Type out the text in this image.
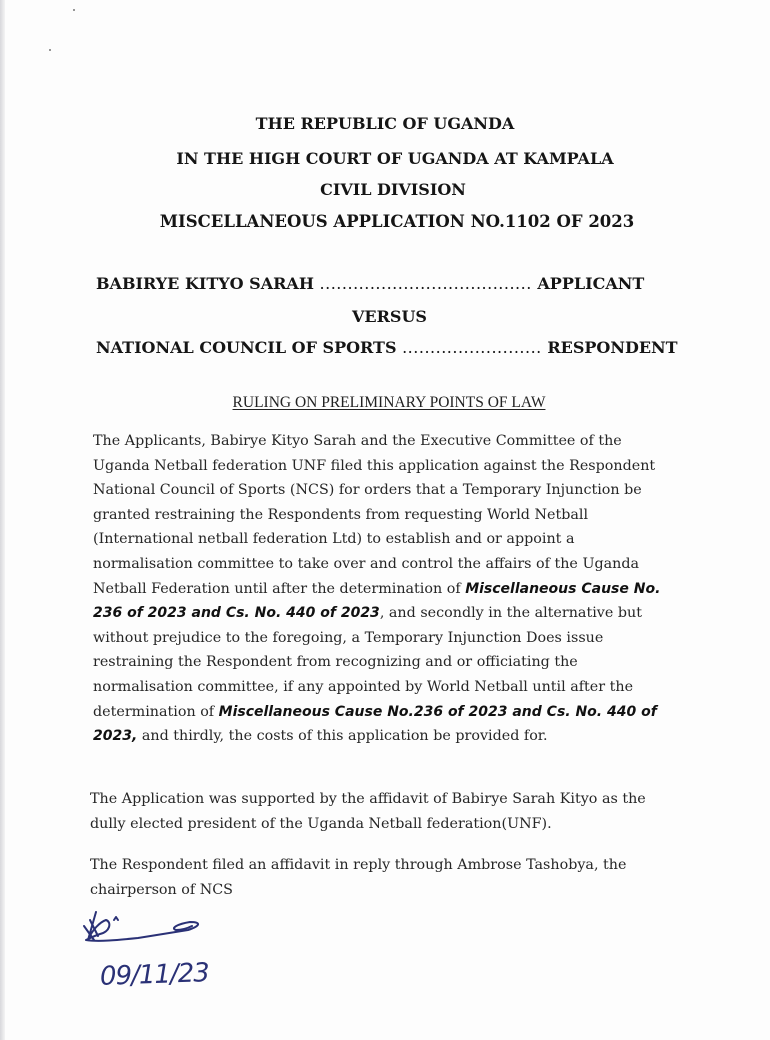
THE REPUBLIC OF UGANDA
IN THE HIGH COURT OF UGANDA AT KAMPALA
CIVIL DIVISION
MISCELLANEOUS APPLICATION NO.1102 OF 2023
BABIRYE KITYO SARAH ...................................... APPLICANT
VERSUS
NATIONAL COUNCIL OF SPORTS ......................... RESPONDENT
RULING ON PRELIMINARY POINTS OF LAW
The Applicants, Babirye Kityo Sarah and the Executive Committee of the
Uganda Netball federation UNF filed this application against the Respondent
National Council of Sports (NCS) for orders that a Temporary Injunction be
granted restraining the Respondents from requesting World Netball
(International netball federation Ltd) to establish and or appoint a
normalisation committee to take over and control the affairs of the Uganda
Netball Federation until after the determination of Miscellaneous Cause No.
236 of 2023 and Cs. No. 440 of 2023, and secondly in the alternative but
without prejudice to the foregoing, a Temporary Injunction Does issue
restraining the Respondent from recognizing and or officiating the
normalisation committee, if any appointed by World Netball until after the
determination of Miscellaneous Cause No.236 of 2023 and Cs. No. 440 of
2023, and thirdly, the costs of this application be provided for.
The Application was supported by the affidavit of Babirye Sarah Kityo as the
dully elected president of the Uganda Netball federation(UNF).
The Respondent filed an affidavit in reply through Ambrose Tashobya, the
chairperson of NCS
09/11/23
